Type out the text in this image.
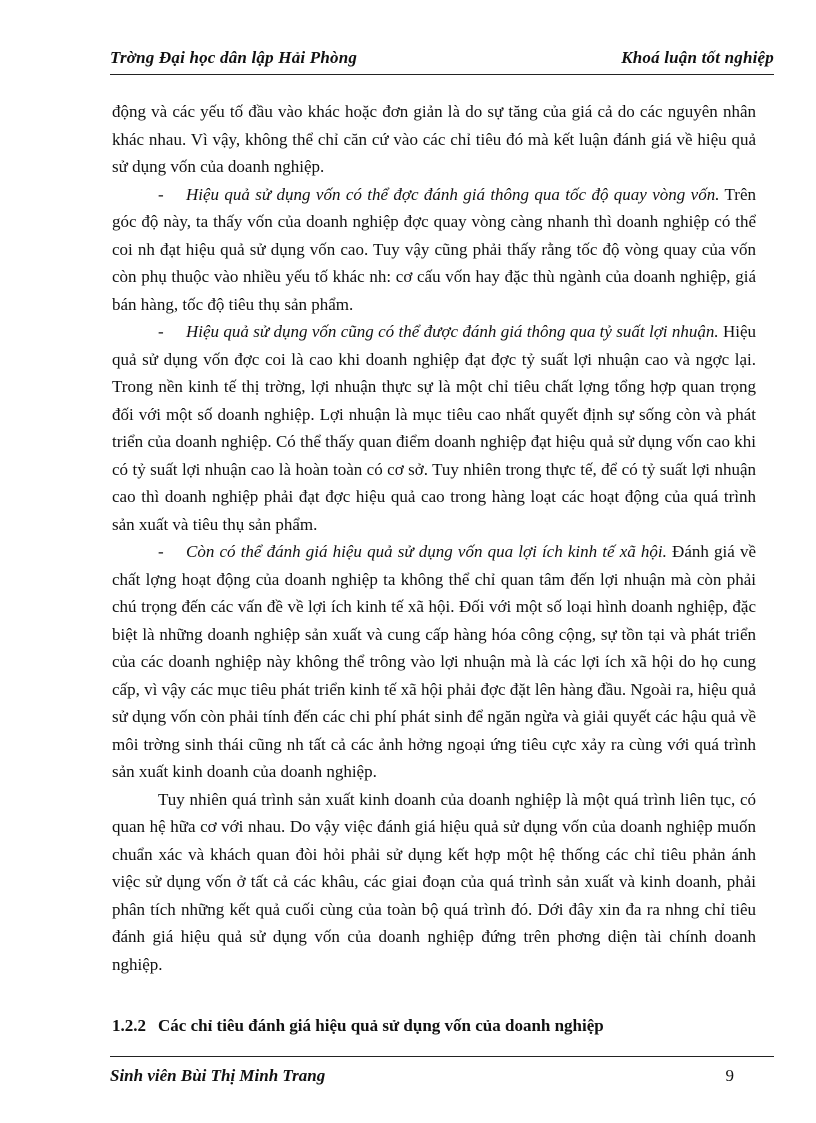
Trờng Đại học dân lập Hải Phòng	Khoá luận tốt nghiệp

động và các yếu tố đầu vào khác hoặc đơn giản là do sự tăng của giá cả do các nguyên nhân khác nhau. Vì vậy, không thể chỉ căn cứ vào các chỉ tiêu đó mà kết luận đánh giá về hiệu quả sử dụng vốn của doanh nghiệp.

- Hiệu quả sử dụng vốn có thể đợc đánh giá thông qua tốc độ quay vòng vốn. Trên góc độ này, ta thấy vốn của doanh nghiệp đợc quay vòng càng nhanh thì doanh nghiệp có thể coi nh đạt hiệu quả sử dụng vốn cao. Tuy vậy cũng phải thấy rằng tốc độ vòng quay của vốn còn phụ thuộc vào nhiều yếu tố khác nh: cơ cấu vốn hay đặc thù ngành của doanh nghiệp, giá bán hàng, tốc độ tiêu thụ sản phẩm.

- Hiệu quả sử dụng vốn cũng có thể được đánh giá thông qua tỷ suất lợi nhuận. Hiệu quả sử dụng vốn đợc coi là cao khi doanh nghiệp đạt đợc tỷ suất lợi nhuận cao và ngợc lại. Trong nền kinh tế thị trờng, lợi nhuận thực sự là một chỉ tiêu chất lợng tổng hợp quan trọng đối với một số doanh nghiệp. Lợi nhuận là mục tiêu cao nhất quyết định sự sống còn và phát triển của doanh nghiệp. Có thể thấy quan điểm doanh nghiệp đạt hiệu quả sử dụng vốn cao khi có tỷ suất lợi nhuận cao là hoàn toàn có cơ sở. Tuy nhiên trong thực tế, để có tỷ suất lợi nhuận cao thì doanh nghiệp phải đạt đợc hiệu quả cao trong hàng loạt các hoạt động của quá trình sản xuất và tiêu thụ sản phẩm.

- Còn có thể đánh giá hiệu quả sử dụng vốn qua lợi ích kinh tế xã hội. Đánh giá về chất lợng hoạt động của doanh nghiệp ta không thể chỉ quan tâm đến lợi nhuận mà còn phải chú trọng đến các vấn đề về lợi ích kinh tế xã hội. Đối với một số loại hình doanh nghiệp, đặc biệt là những doanh nghiệp sản xuất và cung cấp hàng hóa công cộng, sự tồn tại và phát triển của các doanh nghiệp này không thể trông vào lợi nhuận mà là các lợi ích xã hội do họ cung cấp, vì vậy các mục tiêu phát triển kinh tế xã hội phải đợc đặt lên hàng đầu. Ngoài ra, hiệu quả sử dụng vốn còn phải tính đến các chi phí phát sinh để ngăn ngừa và giải quyết các hậu quả về môi trờng sinh thái cũng nh tất cả các ảnh hởng ngoại ứng tiêu cực xảy ra cùng với quá trình sản xuất kinh doanh của doanh nghiệp.

Tuy nhiên quá trình sản xuất kinh doanh của doanh nghiệp là một quá trình liên tục, có quan hệ hữa cơ với nhau. Do vậy việc đánh giá hiệu quả sử dụng vốn của doanh nghiệp muốn chuẩn xác và khách quan đòi hỏi phải sử dụng kết hợp một hệ thống các chỉ tiêu phản ánh việc sử dụng vốn ở tất cả các khâu, các giai đoạn của quá trình sản xuất và kinh doanh, phải phân tích những kết quả cuối cùng của toàn bộ quá trình đó. Dới đây xin đa ra nhng chỉ tiêu đánh giá hiệu quả sử dụng vốn của doanh nghiệp đứng trên phơng diện tài chính doanh nghiệp.

1.2.2 Các chỉ tiêu đánh giá hiệu quả sử dụng vốn của doanh nghiệp
Sinh viên Bùi Thị Minh Trang	9
